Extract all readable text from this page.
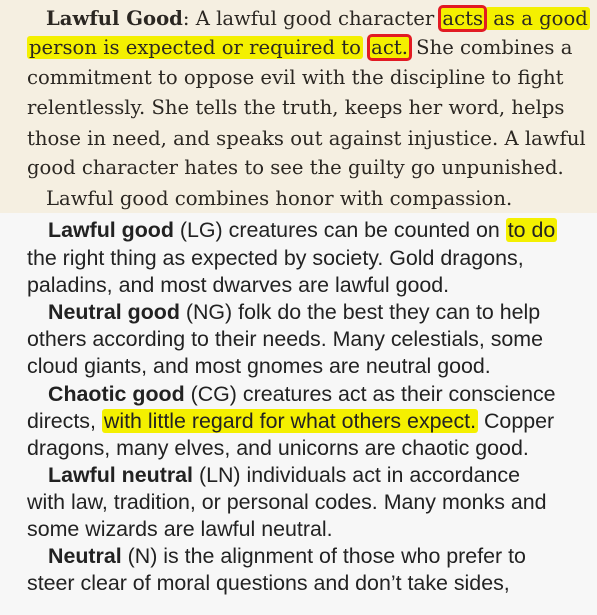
Lawful Good: A lawful good character acts as a good
person is expected or required to act. She combines a
commitment to oppose evil with the discipline to fight
relentlessly. She tells the truth, keeps her word, helps
those in need, and speaks out against injustice. A lawful
good character hates to see the guilty go unpunished.
Lawful good combines honor with compassion.
Lawful good (LG) creatures can be counted on to do
the right thing as expected by society. Gold dragons,
paladins, and most dwarves are lawful good.
Neutral good (NG) folk do the best they can to help
others according to their needs. Many celestials, some
cloud giants, and most gnomes are neutral good.
Chaotic good (CG) creatures act as their conscience
directs, with little regard for what others expect. Copper
dragons, many elves, and unicorns are chaotic good.
Lawful neutral (LN) individuals act in accordance
with law, tradition, or personal codes. Many monks and
some wizards are lawful neutral.
Neutral (N) is the alignment of those who prefer to
steer clear of moral questions and don’t take sides,
